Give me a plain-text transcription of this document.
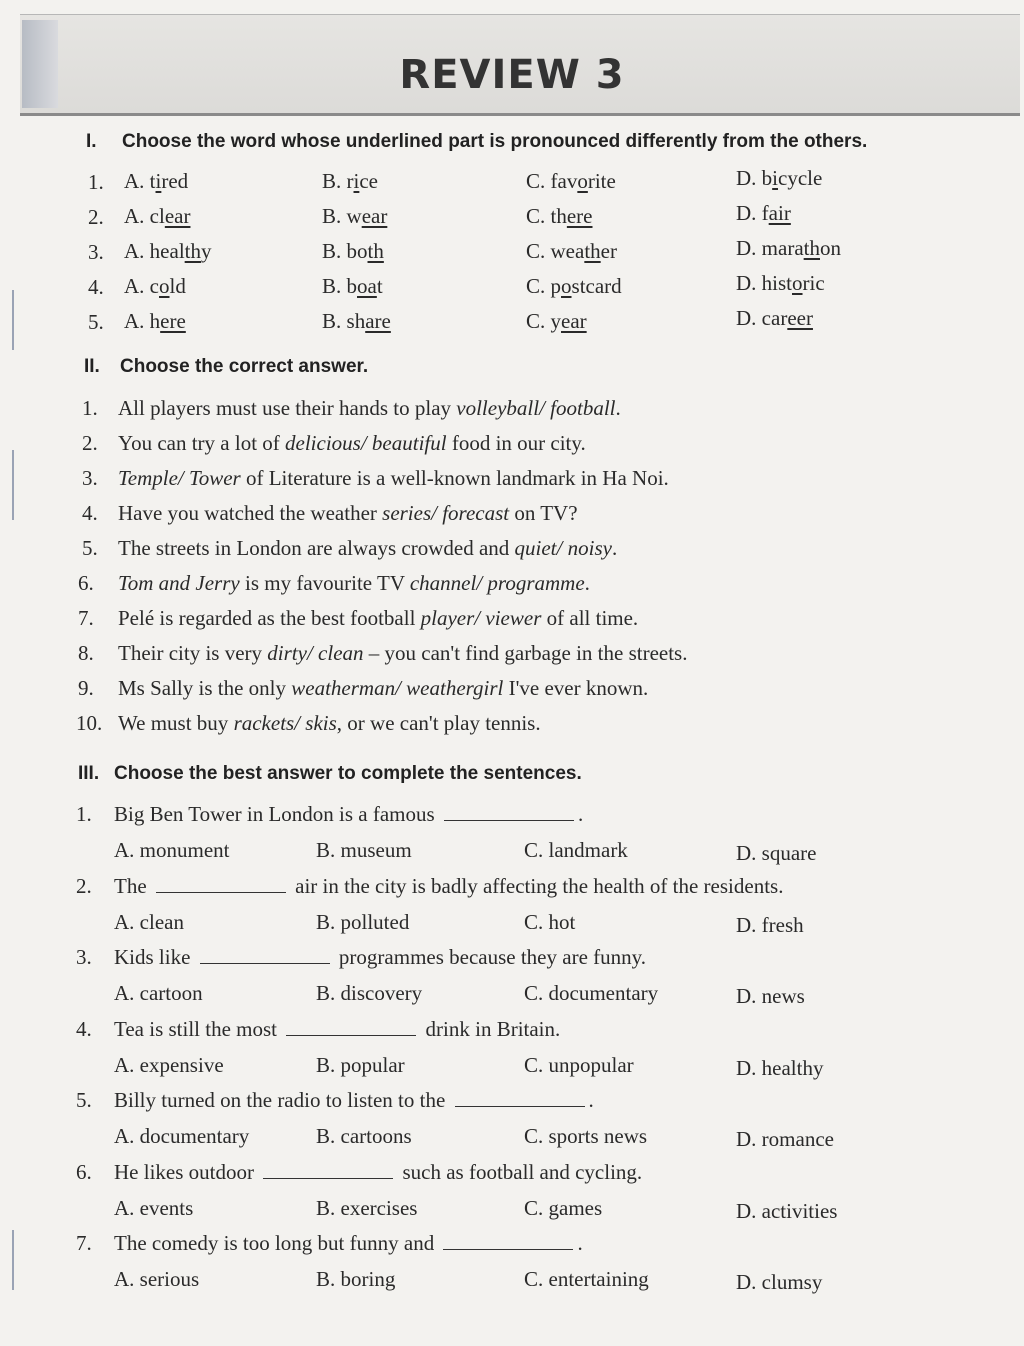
REVIEW 3
I. Choose the word whose underlined part is pronounced differently from the others.
1. A. tired	B. rice	C. favorite	D. bicycle
2. A. clear	B. wear	C. there	D. fair
3. A. healthy	B. both	C. weather	D. marathon
4. A. cold	B. boat	C. postcard	D. historic
5. A. here	B. share	C. year	D. career
II. Choose the correct answer.
1. All players must use their hands to play volleyball/ football.
2. You can try a lot of delicious/ beautiful food in our city.
3. Temple/ Tower of Literature is a well-known landmark in Ha Noi.
4. Have you watched the weather series/ forecast on TV?
5. The streets in London are always crowded and quiet/ noisy.
6. Tom and Jerry is my favourite TV channel/ programme.
7. Pelé is regarded as the best football player/ viewer of all time.
8. Their city is very dirty/ clean – you can't find garbage in the streets.
9. Ms Sally is the only weatherman/ weathergirl I've ever known.
10. We must buy rackets/ skis, or we can't play tennis.
III. Choose the best answer to complete the sentences.
1. Big Ben Tower in London is a famous	.
A. monument	B. museum	C. landmark	D. square
2. The	air in the city is badly affecting the health of the residents.
A. clean	B. polluted	C. hot	D. fresh
3. Kids like	programmes because they are funny.
A. cartoon	B. discovery	C. documentary	D. news
4. Tea is still the most	drink in Britain.
A. expensive	B. popular	C. unpopular	D. healthy
5. Billy turned on the radio to listen to the	.
A. documentary	B. cartoons	C. sports news	D. romance
6. He likes outdoor	such as football and cycling.
A. events	B. exercises	C. games	D. activities
7. The comedy is too long but funny and	.
A. serious	B. boring	C. entertaining	D. clumsy
